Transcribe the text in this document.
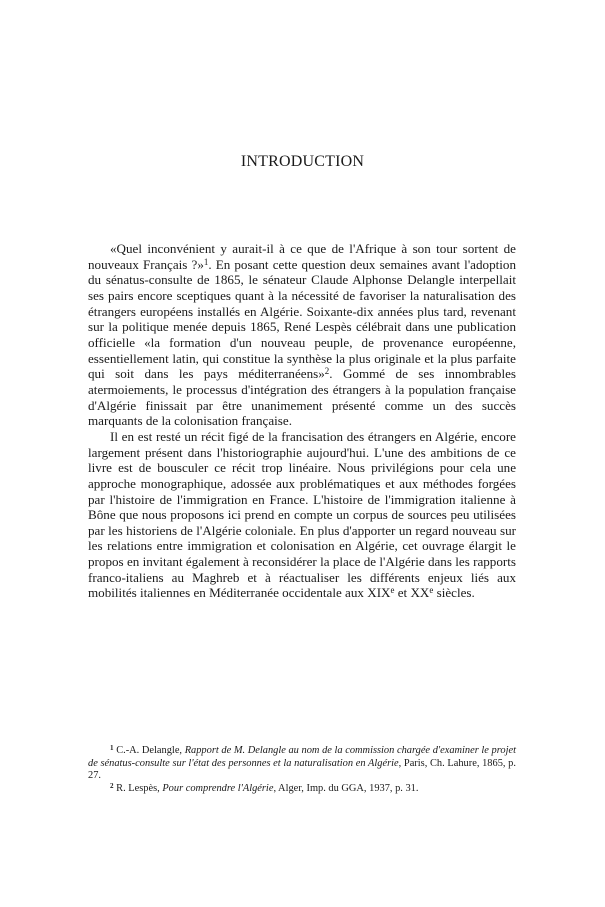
INTRODUCTION

«Quel inconvénient y aurait-il à ce que de l'Afrique à son tour sortent de nouveaux Français ?»$^1$. En posant cette question deux semaines avant l'adoption du sénatus-consulte de 1865, le sénateur Claude Alphonse Delangle interpellait ses pairs encore sceptiques quant à la nécessité de favoriser la naturalisation des étrangers européens installés en Algérie. Soixante-dix années plus tard, revenant sur la politique menée depuis 1865, René Lespès célébrait dans une publication officielle «la formation d'un nouveau peuple, de provenance européenne, essentiellement latin, qui constitue la synthèse la plus originale et la plus parfaite qui soit dans les pays méditerranéens»$^2$. Gommé de ses innombrables atermoiements, le processus d'intégration des étrangers à la population française d'Algérie finissait par être unanimement présenté comme un des succès marquants de la colonisation française.

Il en est resté un récit figé de la francisation des étrangers en Algérie, encore largement présent dans l'historiographie aujourd'hui. L'une des ambitions de ce livre est de bousculer ce récit trop linéaire. Nous privilégions pour cela une approche monographique, adossée aux problématiques et aux méthodes forgées par l'histoire de l'immigration en France. L'histoire de l'immigration italienne à Bône que nous proposons ici prend en compte un corpus de sources peu utilisées par les historiens de l'Algérie coloniale. En plus d'apporter un regard nouveau sur les relations entre immigration et colonisation en Algérie, cet ouvrage élargit le propos en invitant également à reconsidérer la place de l'Algérie dans les rapports franco-italiens au Maghreb et à réactualiser les différents enjeux liés aux mobilités italiennes en Méditerranée occidentale aux XIXe et XXe siècles.

$^1$ C.-A. Delangle, Rapport de M. Delangle au nom de la commission chargée d'examiner le projet de sénatus-consulte sur l'état des personnes et la naturalisation en Algérie, Paris, Ch. Lahure, 1865, p. 27.

$^2$ R. Lespès, Pour comprendre l'Algérie, Alger, Imp. du GGA, 1937, p. 31.
